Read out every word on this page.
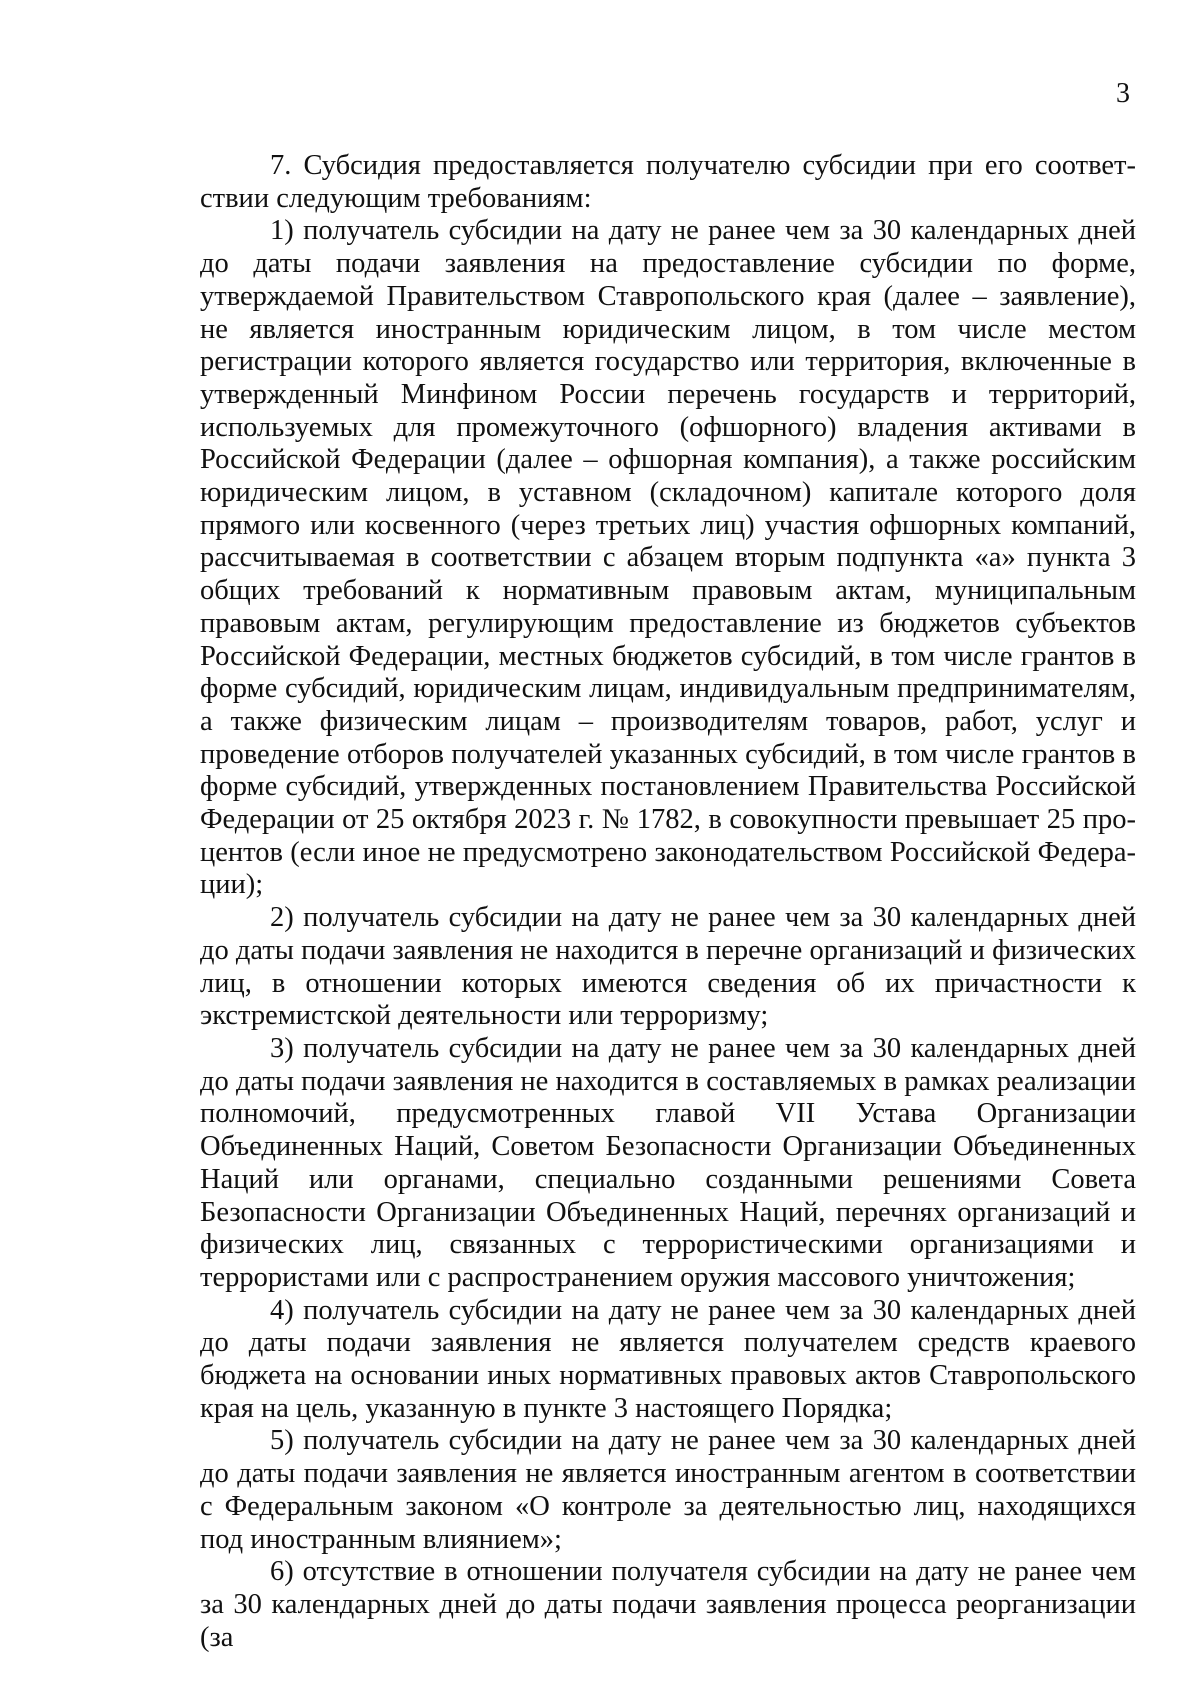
3

7. Субсидия предоставляется получателю субсидии при его соответствии следующим требованиям:

1) получатель субсидии на дату не ранее чем за 30 календарных дней до даты подачи заявления на предоставление субсидии по форме, утверждаемой Правительством Ставропольского края (далее – заявление), не является иностранным юридическим лицом, в том числе местом регистрации которого является государство или территория, включенные в утвержденный Минфином России перечень государств и территорий, используемых для промежуточного (офшорного) владения активами в Российской Федерации (далее – офшорная компания), а также российским юридическим лицом, в уставном (складочном) капитале которого доля прямого или косвенного (через третьих лиц) участия офшорных компаний, рассчитываемая в соответствии с абзацем вторым подпункта «а» пункта 3 общих требований к нормативным правовым актам, муниципальным правовым актам, регулирующим предоставление из бюджетов субъектов Российской Федерации, местных бюджетов субсидий, в том числе грантов в форме субсидий, юридическим лицам, индивидуальным предпринимателям, а также физическим лицам – производителям товаров, работ, услуг и проведение отборов получателей указанных субсидий, в том числе грантов в форме субсидий, утвержденных постановлением Правительства Российской Федерации от 25 октября 2023 г. № 1782, в совокупности превышает 25 процентов (если иное не предусмотрено законодательством Российской Федерации);

2) получатель субсидии на дату не ранее чем за 30 календарных дней до даты подачи заявления не находится в перечне организаций и физических лиц, в отношении которых имеются сведения об их причастности к экстремистской деятельности или терроризму;

3) получатель субсидии на дату не ранее чем за 30 календарных дней до даты подачи заявления не находится в составляемых в рамках реализации полномочий, предусмотренных главой VII Устава Организации Объединенных Наций, Советом Безопасности Организации Объединенных Наций или органами, специально созданными решениями Совета Безопасности Организации Объединенных Наций, перечнях организаций и физических лиц, связанных с террористическими организациями и террористами или с распространением оружия массового уничтожения;

4) получатель субсидии на дату не ранее чем за 30 календарных дней до даты подачи заявления не является получателем средств краевого бюджета на основании иных нормативных правовых актов Ставропольского края на цель, указанную в пункте 3 настоящего Порядка;

5) получатель субсидии на дату не ранее чем за 30 календарных дней до даты подачи заявления не является иностранным агентом в соответствии с Федеральным законом «О контроле за деятельностью лиц, находящихся под иностранным влиянием»;

6) отсутствие в отношении получателя субсидии на дату не ранее чем за 30 календарных дней до даты подачи заявления процесса реорганизации (за
